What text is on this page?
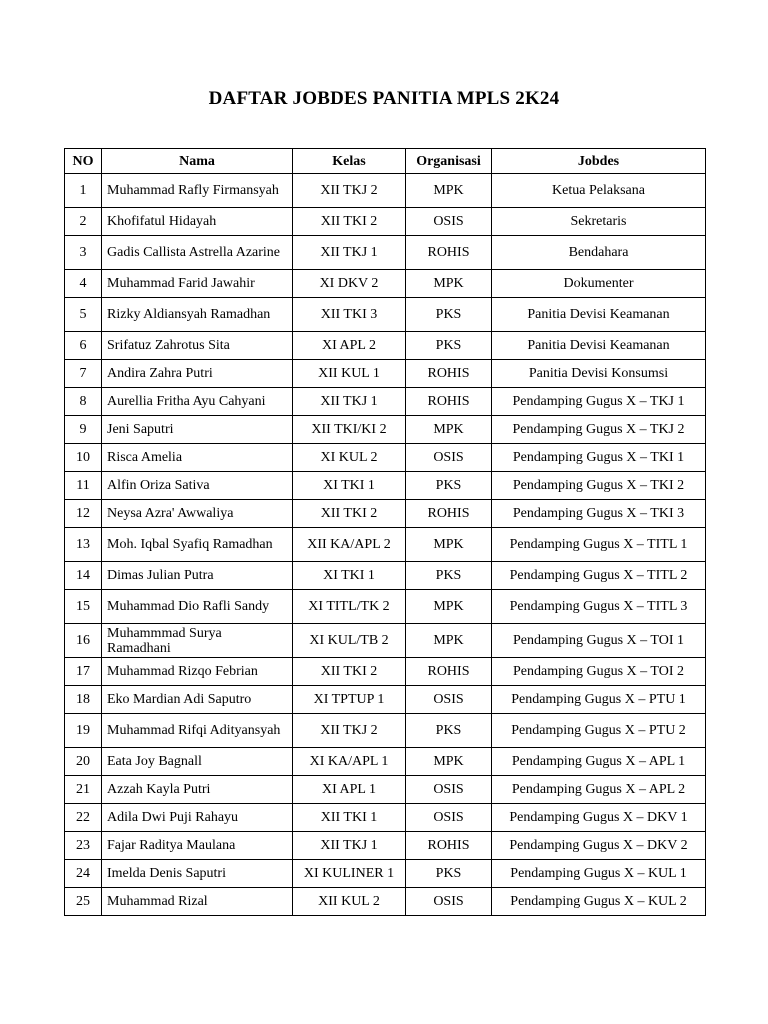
DAFTAR JOBDES PANITIA MPLS 2K24
NO	Nama	Kelas	Organisasi	Jobdes
1	Muhammad Rafly Firmansyah	XII TKJ 2	MPK	Ketua Pelaksana
2	Khofifatul Hidayah	XII TKI 2	OSIS	Sekretaris
3	Gadis Callista Astrella Azarine	XII TKJ 1	ROHIS	Bendahara
4	Muhammad Farid Jawahir	XI DKV 2	MPK	Dokumenter
5	Rizky Aldiansyah Ramadhan	XII TKI 3	PKS	Panitia Devisi Keamanan
6	Srifatuz Zahrotus Sita	XI APL 2	PKS	Panitia Devisi Keamanan
7	Andira Zahra Putri	XII KUL 1	ROHIS	Panitia Devisi Konsumsi
8	Aurellia Fritha Ayu Cahyani	XII TKJ 1	ROHIS	Pendamping Gugus X – TKJ 1
9	Jeni Saputri	XII TKI/KI 2	MPK	Pendamping Gugus X – TKJ 2
10	Risca Amelia	XI KUL 2	OSIS	Pendamping Gugus X – TKI 1
11	Alfin Oriza Sativa	XI TKI 1	PKS	Pendamping Gugus X – TKI 2
12	Neysa Azra' Awwaliya	XII TKI 2	ROHIS	Pendamping Gugus X – TKI 3
13	Moh. Iqbal Syafiq Ramadhan	XII KA/APL 2	MPK	Pendamping Gugus X – TITL 1
14	Dimas Julian Putra	XI TKI 1	PKS	Pendamping Gugus X – TITL 2
15	Muhammad Dio Rafli Sandy	XI TITL/TK 2	MPK	Pendamping Gugus X – TITL 3
16	Muhammmad Surya Ramadhani	XI KUL/TB 2	MPK	Pendamping Gugus X – TOI 1
17	Muhammad Rizqo Febrian	XII TKI 2	ROHIS	Pendamping Gugus X – TOI 2
18	Eko Mardian Adi Saputro	XI TPTUP 1	OSIS	Pendamping Gugus X – PTU 1
19	Muhammad Rifqi Adityansyah	XII TKJ 2	PKS	Pendamping Gugus X – PTU 2
20	Eata Joy Bagnall	XI KA/APL 1	MPK	Pendamping Gugus X – APL 1
21	Azzah Kayla Putri	XI APL 1	OSIS	Pendamping Gugus X – APL 2
22	Adila Dwi Puji Rahayu	XII TKI 1	OSIS	Pendamping Gugus X – DKV 1
23	Fajar Raditya Maulana	XII TKJ 1	ROHIS	Pendamping Gugus X – DKV 2
24	Imelda Denis Saputri	XI KULINER 1	PKS	Pendamping Gugus X – KUL 1
25	Muhammad Rizal	XII KUL 2	OSIS	Pendamping Gugus X – KUL 2
